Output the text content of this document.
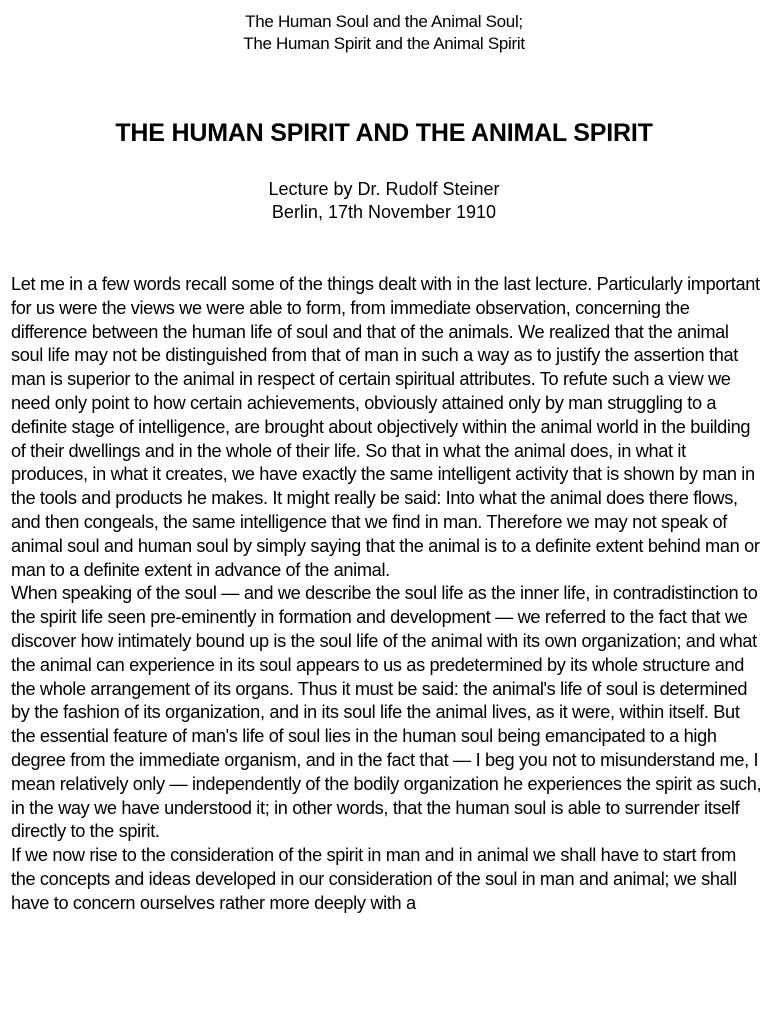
The Human Soul and the Animal Soul;
The Human Spirit and the Animal Spirit
THE HUMAN SPIRIT AND THE ANIMAL SPIRIT
Lecture by Dr. Rudolf Steiner
Berlin, 17th November 1910

Let me in a few words recall some of the things dealt with in the last lecture. Particularly important for us were the views we were able to form, from immediate observation, concerning the difference between the human life of soul and that of the animals. We realized that the animal soul life may not be distinguished from that of man in such a way as to justify the assertion that man is superior to the animal in respect of certain spiritual attributes. To refute such a view we need only point to how certain achievements, obviously attained only by man struggling to a definite stage of intelligence, are brought about objectively within the animal world in the building of their dwellings and in the whole of their life. So that in what the animal does, in what it produces, in what it creates, we have exactly the same intelligent activity that is shown by man in the tools and products he makes. It might really be said: Into what the animal does there flows, and then congeals, the same intelligence that we find in man. Therefore we may not speak of animal soul and human soul by simply saying that the animal is to a definite extent behind man or man to a definite extent in advance of the animal.

When speaking of the soul — and we describe the soul life as the inner life, in contradistinction to the spirit life seen pre-eminently in formation and development — we referred to the fact that we discover how intimately bound up is the soul life of the animal with its own organization; and what the animal can experience in its soul appears to us as predetermined by its whole structure and the whole arrangement of its organs. Thus it must be said: the animal's life of soul is determined by the fashion of its organization, and in its soul life the animal lives, as it were, within itself. But the essential feature of man's life of soul lies in the human soul being emancipated to a high degree from the immediate organism, and in the fact that — I beg you not to misunderstand me, I mean relatively only — independently of the bodily organization he experiences the spirit as such, in the way we have understood it; in other words, that the human soul is able to surrender itself directly to the spirit.

If we now rise to the consideration of the spirit in man and in animal we shall have to start from the concepts and ideas developed in our consideration of the soul in man and animal; we shall have to concern ourselves rather more deeply with a
